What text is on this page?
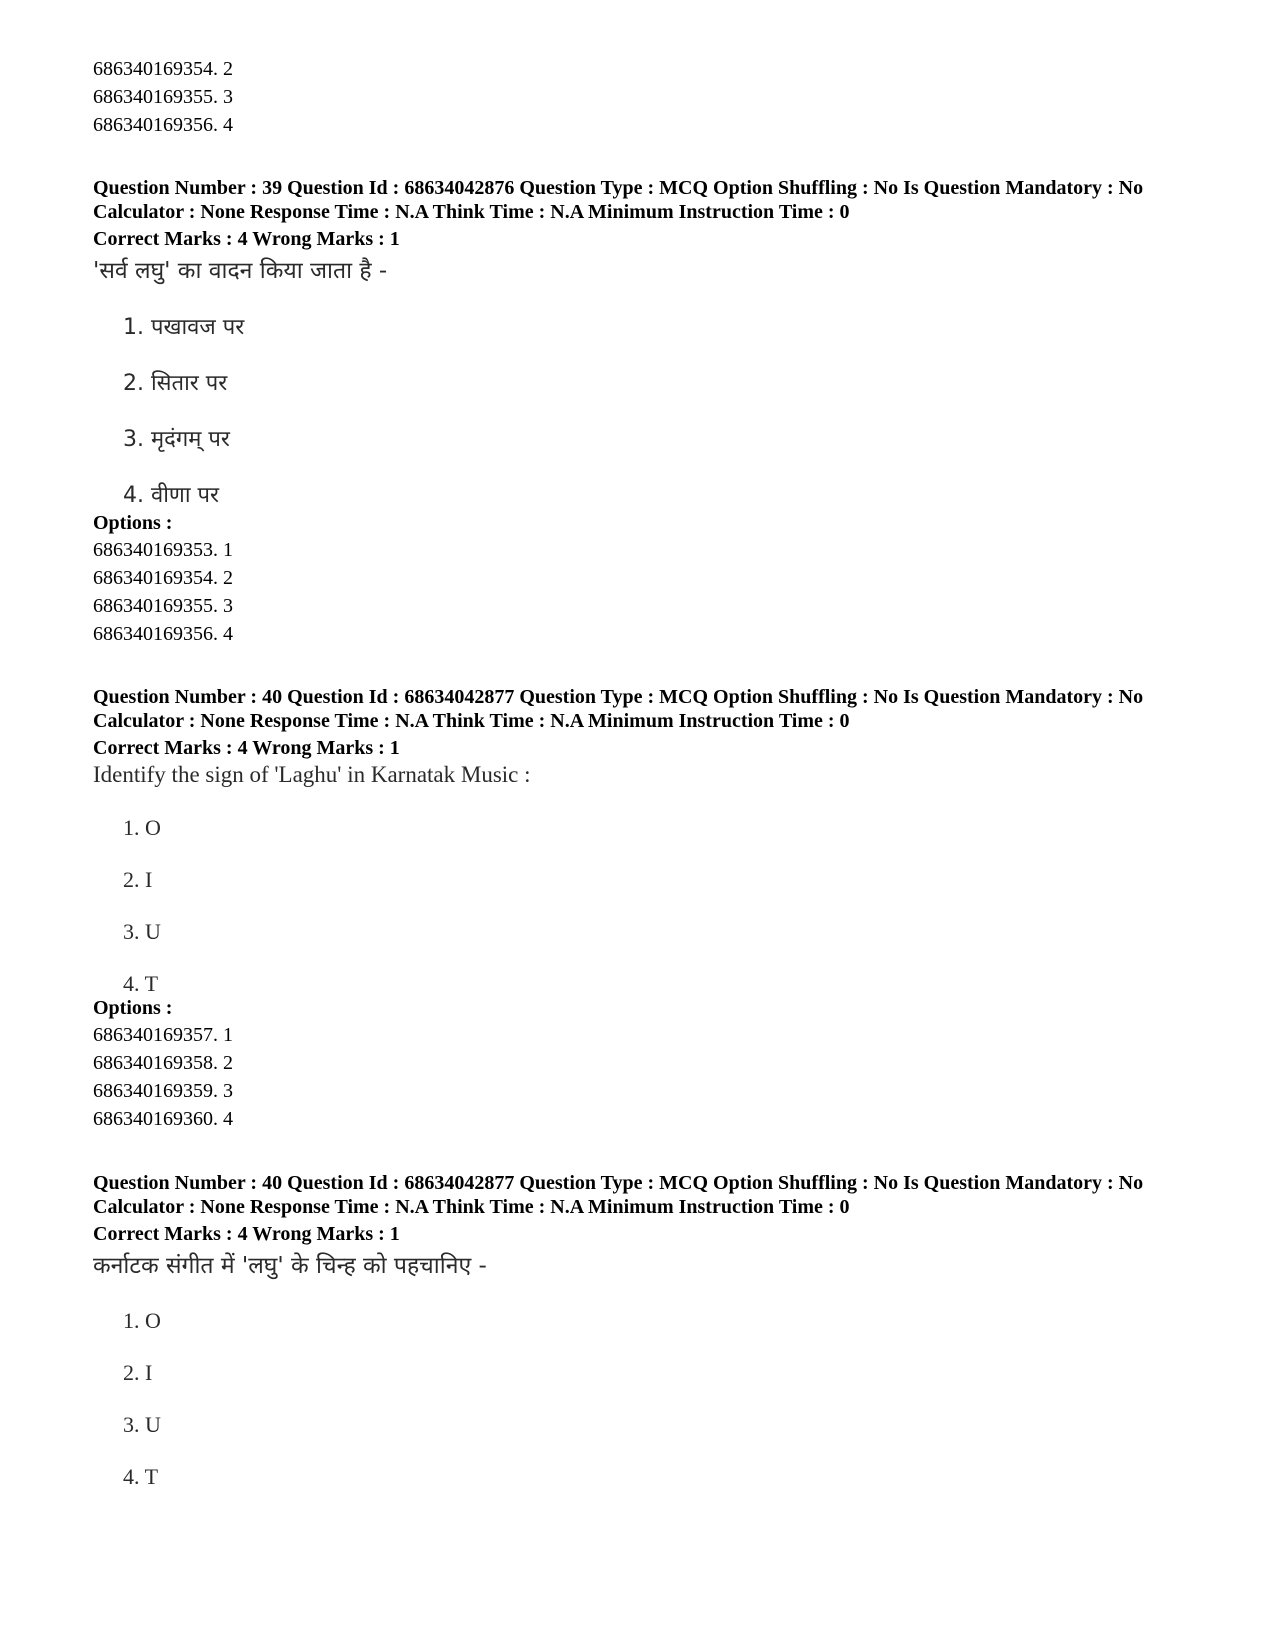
686340169354. 2
686340169355. 3
686340169356. 4
Question Number : 39 Question Id : 68634042876 Question Type : MCQ Option Shuffling : No Is Question Mandatory : No Calculator : None Response Time : N.A Think Time : N.A Minimum Instruction Time : 0
Correct Marks : 4 Wrong Marks : 1
'सर्व लघु' का वादन किया जाता है -
1. पखावज पर
2. सितार पर
3. मृदंगम् पर
4. वीणा पर
Options :
686340169353. 1
686340169354. 2
686340169355. 3
686340169356. 4
Question Number : 40 Question Id : 68634042877 Question Type : MCQ Option Shuffling : No Is Question Mandatory : No Calculator : None Response Time : N.A Think Time : N.A Minimum Instruction Time : 0
Correct Marks : 4 Wrong Marks : 1
Identify the sign of 'Laghu' in Karnatak Music :
1. O
2. I
3. U
4. T
Options :
686340169357. 1
686340169358. 2
686340169359. 3
686340169360. 4
Question Number : 40 Question Id : 68634042877 Question Type : MCQ Option Shuffling : No Is Question Mandatory : No Calculator : None Response Time : N.A Think Time : N.A Minimum Instruction Time : 0
Correct Marks : 4 Wrong Marks : 1
कर्नाटक संगीत में 'लघु' के चिन्ह को पहचानिए -
1. O
2. I
3. U
4. T
